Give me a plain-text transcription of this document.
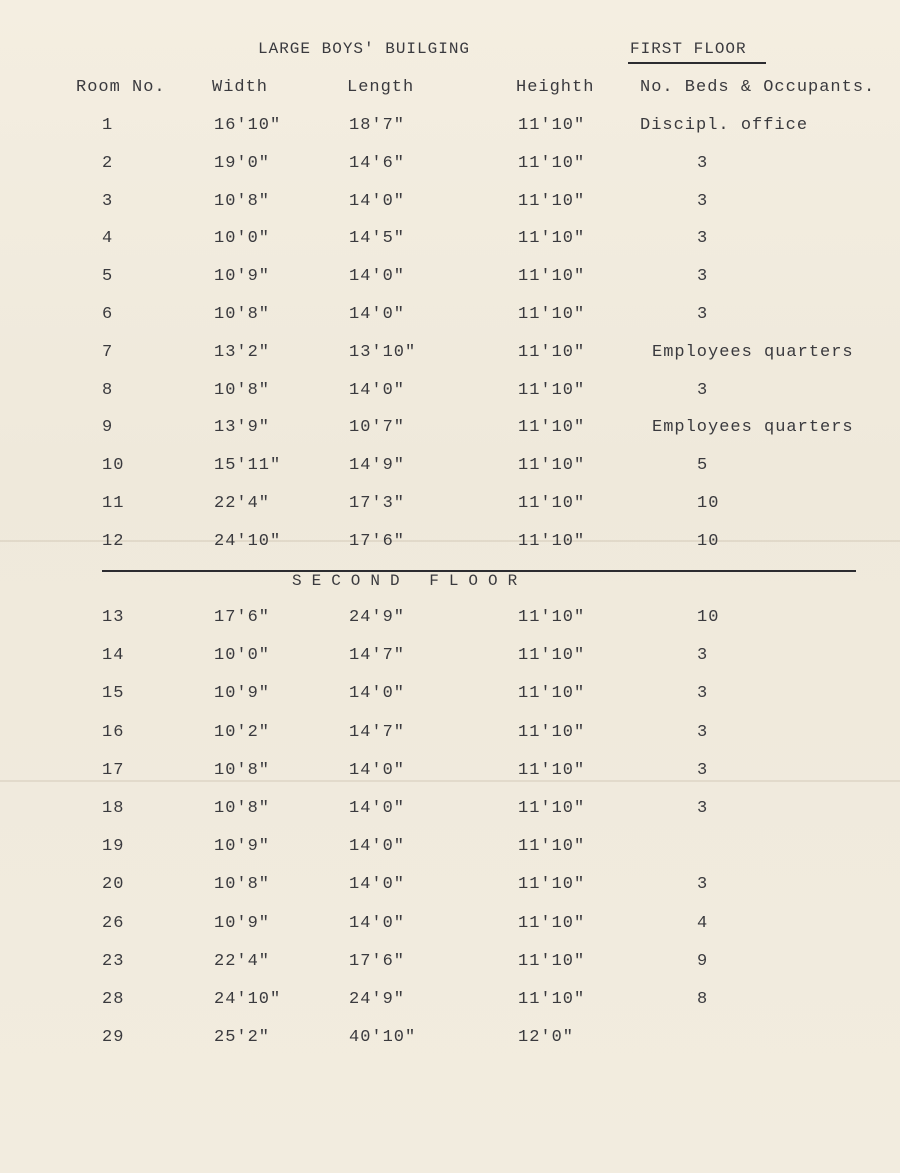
LARGE BOYS' BUILGING	FIRST FLOOR
Room No.	Width	Length	Heighth	No. Beds & Occupants.
1	16'10"	18'7"	11'10"	Discipl. office
2	19'0"	14'6"	11'10"	3
3	10'8"	14'0"	11'10"	3
4	10'0"	14'5"	11'10"	3
5	10'9"	14'0"	11'10"	3
6	10'8"	14'0"	11'10"	3
7	13'2"	13'10"	11'10"	Employees quarters
8	10'8"	14'0"	11'10"	3
9	13'9"	10'7"	11'10"	Employees quarters
10	15'11"	14'9"	11'10"	5
11	22'4"	17'3"	11'10"	10
12	24'10"	17'6"	11'10"	10
SECOND FLOOR
13	17'6"	24'9"	11'10"	10
14	10'0"	14'7"	11'10"	3
15	10'9"	14'0"	11'10"	3
16	10'2"	14'7"	11'10"	3
17	10'8"	14'0"	11'10"	3
18	10'8"	14'0"	11'10"	3
19	10'9"	14'0"	11'10"
20	10'8"	14'0"	11'10"	3
26	10'9"	14'0"	11'10"	4
23	22'4"	17'6"	11'10"	9
28	24'10"	24'9"	11'10"	8
29	25'2"	40'10"	12'0"
